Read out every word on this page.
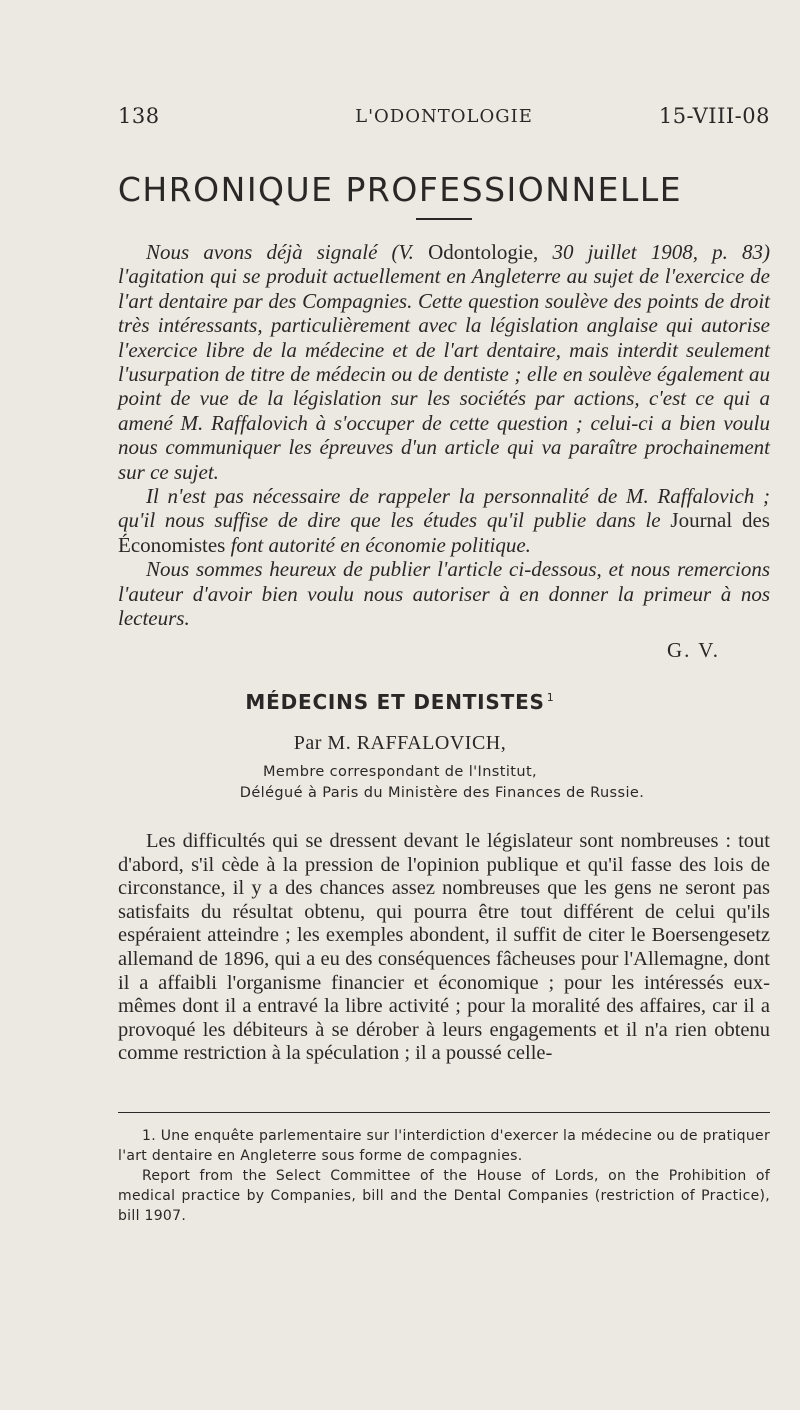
138	L'ODONTOLOGIE	15-VIII-08
CHRONIQUE PROFESSIONNELLE

Nous avons déjà signalé (V. Odontologie, 30 juillet 1908, p. 83) l'agitation qui se produit actuellement en Angleterre au sujet de l'exercice de l'art dentaire par des Compagnies. Cette question soulève des points de droit très intéressants, particulièrement avec la législation anglaise qui autorise l'exercice libre de la médecine et de l'art dentaire, mais interdit seulement l'usurpation de titre de médecin ou de dentiste ; elle en soulève également au point de vue de la législation sur les sociétés par actions, c'est ce qui a amené M. Raffalovich à s'occuper de cette question ; celui-ci a bien voulu nous communiquer les épreuves d'un article qui va paraître prochainement sur ce sujet.

Il n'est pas nécessaire de rappeler la personnalité de M. Raffalovich ; qu'il nous suffise de dire que les études qu'il publie dans le Journal des Économistes font autorité en économie politique.

Nous sommes heureux de publier l'article ci-dessous, et nous remercions l'auteur d'avoir bien voulu nous autoriser à en donner la primeur à nos lecteurs.

G. V.
MÉDECINS ET DENTISTES $^1$
Par M. RAFFALOVICH,
Membre correspondant de l'Institut,
Délégué à Paris du Ministère des Finances de Russie.

Les difficultés qui se dressent devant le législateur sont nombreuses : tout d'abord, s'il cède à la pression de l'opinion publique et qu'il fasse des lois de circonstance, il y a des chances assez nombreuses que les gens ne seront pas satisfaits du résultat obtenu, qui pourra être tout différent de celui qu'ils espéraient atteindre ; les exemples abondent, il suffit de citer le Boersengesetz allemand de 1896, qui a eu des conséquences fâcheuses pour l'Allemagne, dont il a affaibli l'organisme financier et économique ; pour les intéressés eux-mêmes dont il a entravé la libre activité ; pour la moralité des affaires, car il a provoqué les débiteurs à se dérober à leurs engagements et il n'a rien obtenu comme restriction à la spéculation ; il a poussé celle-

1. Une enquête parlementaire sur l'interdiction d'exercer la médecine ou de pratiquer l'art dentaire en Angleterre sous forme de compagnies.

Report from the Select Committee of the House of Lords, on the Prohibition of medical practice by Companies, bill and the Dental Companies (restriction of Practice), bill 1907.
